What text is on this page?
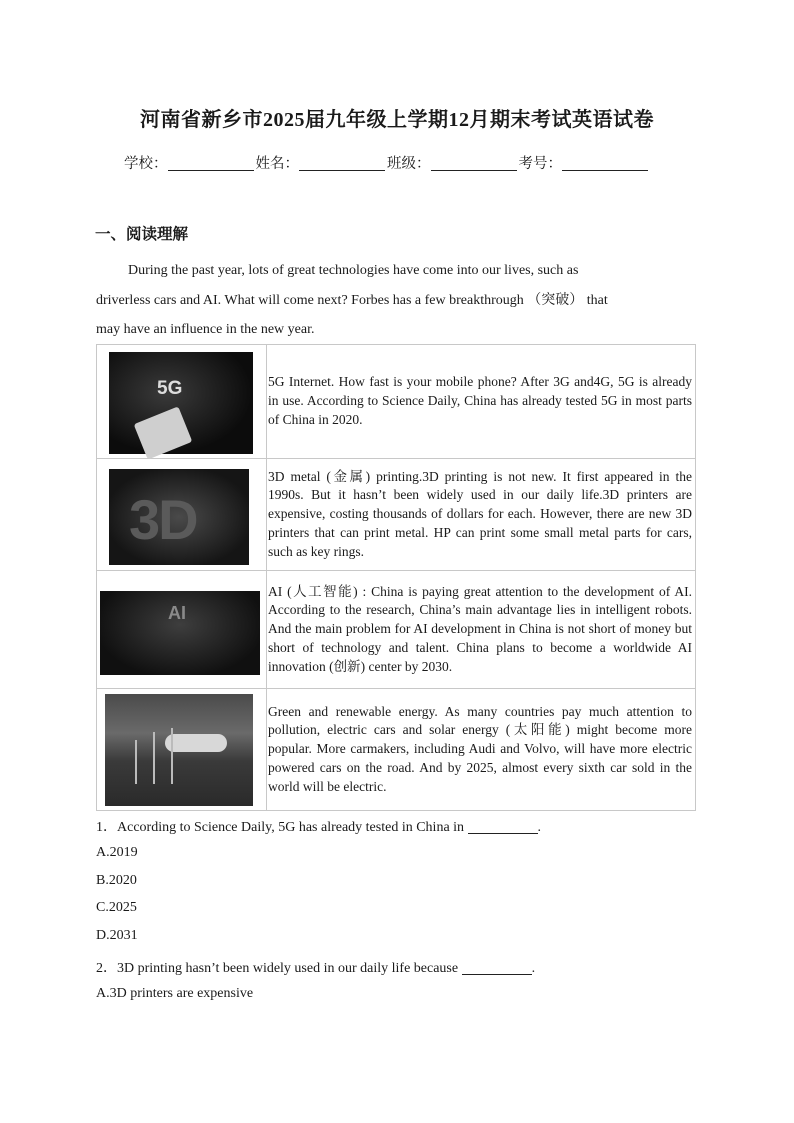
河南省新乡市2025届九年级上学期12月期末考试英语试卷
学校：	姓名：	班级：	考号：
一、阅读理解
During the past year, lots of great technologies have come into our lives, such as
driverless cars and AI. What will come next? Forbes has a few breakthrough （突破） that
may have an influence in the new year.
5G	5G Internet. How fast is your mobile phone? After 3G and4G, 5G is already in use. According to Science Daily, China has already tested 5G in most parts of China in 2020.

3D	3D metal (金属) printing.3D printing is not new. It first appeared in the 1990s. But it hasn’t been widely used in our daily life.3D printers are expensive, costing thousands of dollars for each. However, there are new 3D printers that can print metal. HP can print some small metal parts for cars, such as key rings.

AI	AI (人工智能) : China is paying great attention to the development of AI. According to the research, China’s main advantage lies in intelligent robots. And the main problem for AI development in China is not short of money but short of technology and talent. China plans to become a worldwide AI innovation (创新) center by 2030.

	Green and renewable energy. As many countries pay much attention to pollution, electric cars and solar energy (太阳能) might become more popular. More carmakers, including Audi and Volvo, will have more electric powered cars on the road. And by 2025, almost every sixth car sold in the world will be electric.
1．According to Science Daily, 5G has already tested in China in	.
A.2019
B.2020
C.2025
D.2031
2．3D printing hasn’t been widely used in our daily life because	.
A.3D printers are expensive
